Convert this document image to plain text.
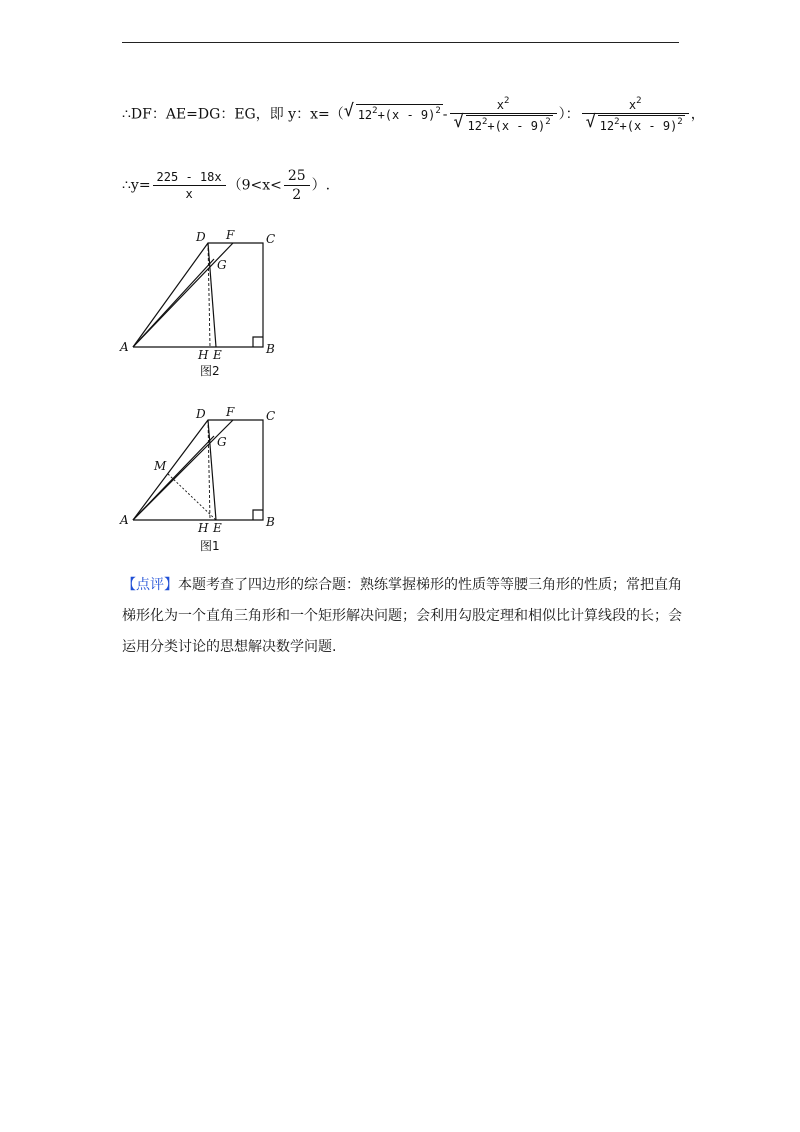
∴DF：AE=DG：EG，即 y：x=（ √ $12^2+(x - 9)^2 - \frac{x^2}{√ 12^2+(x - 9)^2}$ ）： $\frac{x^2}{√ 12^2+(x - 9)^2}$ ，
∴y= $\frac{225 - 18x}{x} (9<x< \frac{25}{2}$ ）.
A	B
C
D F
G
H E
图2
A	B
C
D F
G
M
H E
图1
【点评】本题考查了四边形的综合题：熟练掌握梯形的性质等等腰三角形的性质；常把直角梯形化为一个直角三角形和一个矩形解决问题；会利用勾股定理和相似比计算线段的长；会运用分类讨论的思想解决数学问题.
